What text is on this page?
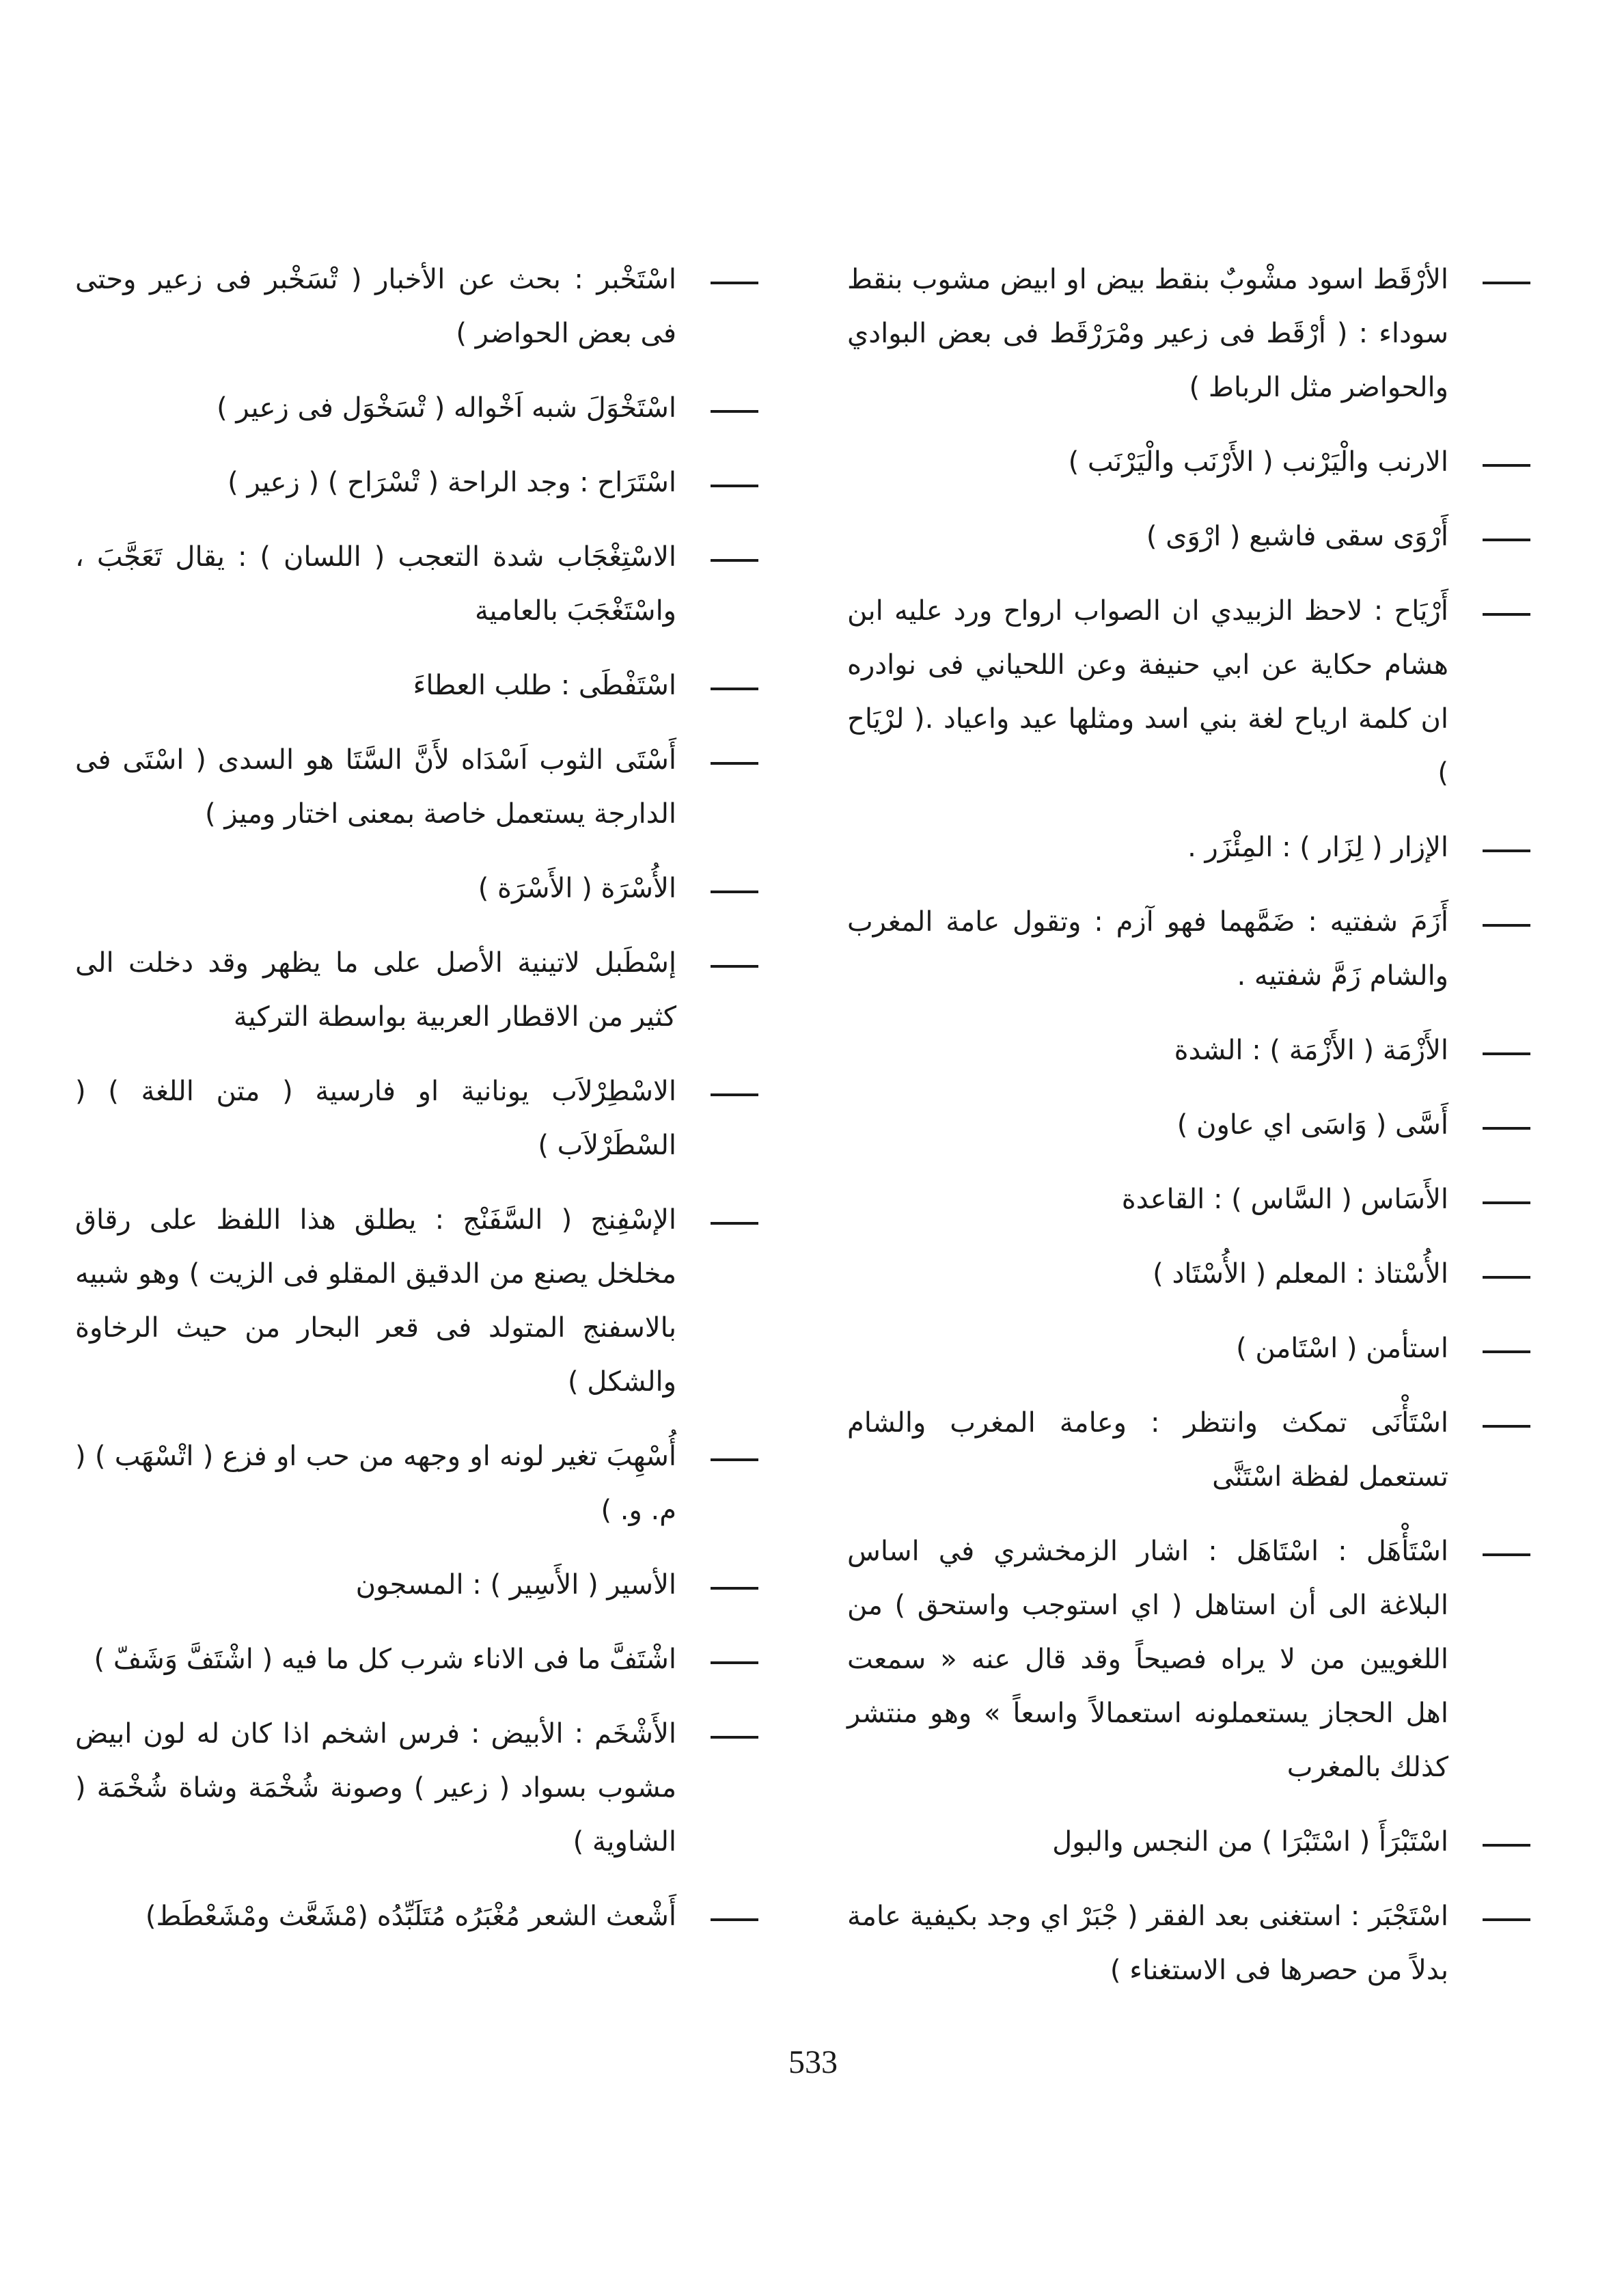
الأرْقَط اسود مشْوبٌ بنقط بيض او ابيض مشوب بنقط سوداء : ( أرْقَط فى زعير ومْرَرْقَط فى بعض البوادي والحواضر مثل الرباط )
الارنب والْيَرْنب ( الأَرْنَب والْيَرْنَب )
أَرْوَى سقى فاشبع ( ارْوَى )
أَرْيَاح : لاحظ الزبيدي ان الصواب ارواح ورد عليه ابن هشام حكاية عن ابي حنيفة وعن اللحياني فى نوادره ان كلمة ارياح لغة بني اسد ومثلها عيد واعياد .( لرْيَاح )
الإزار ( لِزَار ) : المِئْزَر .
أَزَمَ شفتيه : ضَمَّهما فهو آزم : وتقول عامة المغرب والشام زَمَّ شفتيه .
الأَزْمَة ( الأَزْمَة ) : الشدة
أَسَّى ( وَاسَى اي عاون )
الأَسَاس ( السَّاس ) : القاعدة
الأُسْتاذ : المعلم ( الأُسْتَاد )
استأمن ( اسْتَامن )
اسْتَأْنَى تمكث وانتظر : وعامة المغرب والشام تستعمل لفظة اسْتَنَّى
اسْتَأْهَل : اسْتَاهَل : اشار الزمخشري في اساس البلاغة الى أن استاهل ( اي استوجب واستحق ) من اللغويين من لا يراه فصيحاً وقد قال عنه « سمعت اهل الحجاز يستعملونه استعمالاً واسعاً » وهو منتشر كذلك بالمغرب
اسْتَبْرَأَ ( اسْتَبْرَا ) من النجس والبول
اسْتَجْبَر : استغنى بعد الفقر ( جْبَرْ اي وجد بكيفية عامة بدلاً من حصرها فى الاستغناء )
اسْتَخْبر : بحث عن الأخبار ( تْسَخْبر فى زعير وحتى فى بعض الحواضر )
اسْتَخْوَلَ شبه اَخْواله ( تْسَخْوَل فى زعير )
اسْتَرَاح : وجد الراحة ( تْسْرَاح ) ( زعير )
الاسْتِغْجَاب شدة التعجب ( اللسان ) : يقال تَعَجَّبَ ، واسْتَغْجَبَ بالعامية
اسْتَفْطَى : طلب العطاءَ
أَسْتَى الثوب اَسْدَاه لأَنَّ السَّتَا هو السدى ( اسْتَى فى الدارجة يستعمل خاصة بمعنى اختار وميز )
الأُسْرَة ( الأَسْرَة )
إسْطَبل لاتينية الأصل على ما يظهر وقد دخلت الى كثير من الاقطار العربية بواسطة التركية
الاسْطِرْلاَب يونانية او فارسية ( متن اللغة ) ( السْطَرْلاَب )
الإسْفِنج ( السَّفَنْج : يطلق هذا اللفظ على رقاق مخلخل يصنع من الدقيق المقلو فى الزيت ) وهو شبيه بالاسفنج المتولد فى قعر البحار من حيث الرخاوة والشكل )
أُسْهِبَ تغير لونه او وجهه من حب او فزع ( اتْسْهَب ) ( م. و. )
الأسير ( الأَسِير ) : المسجون
اشْتَفَّ ما فى الاناء شرب كل ما فيه ( اشْتَفَّ وَشَفّ )
الأَشْخَم : الأبيض : فرس اشخم اذا كان له لون ابيض مشوب بسواد ( زعير ) وصونة شُخْمَة وشاة شُخْمَة ( الشاوية )
أَشْعث الشعر مُغْبَرُه مُتَلَبِّدُه (مْشَعَّث ومْشَعْطَط)
533
